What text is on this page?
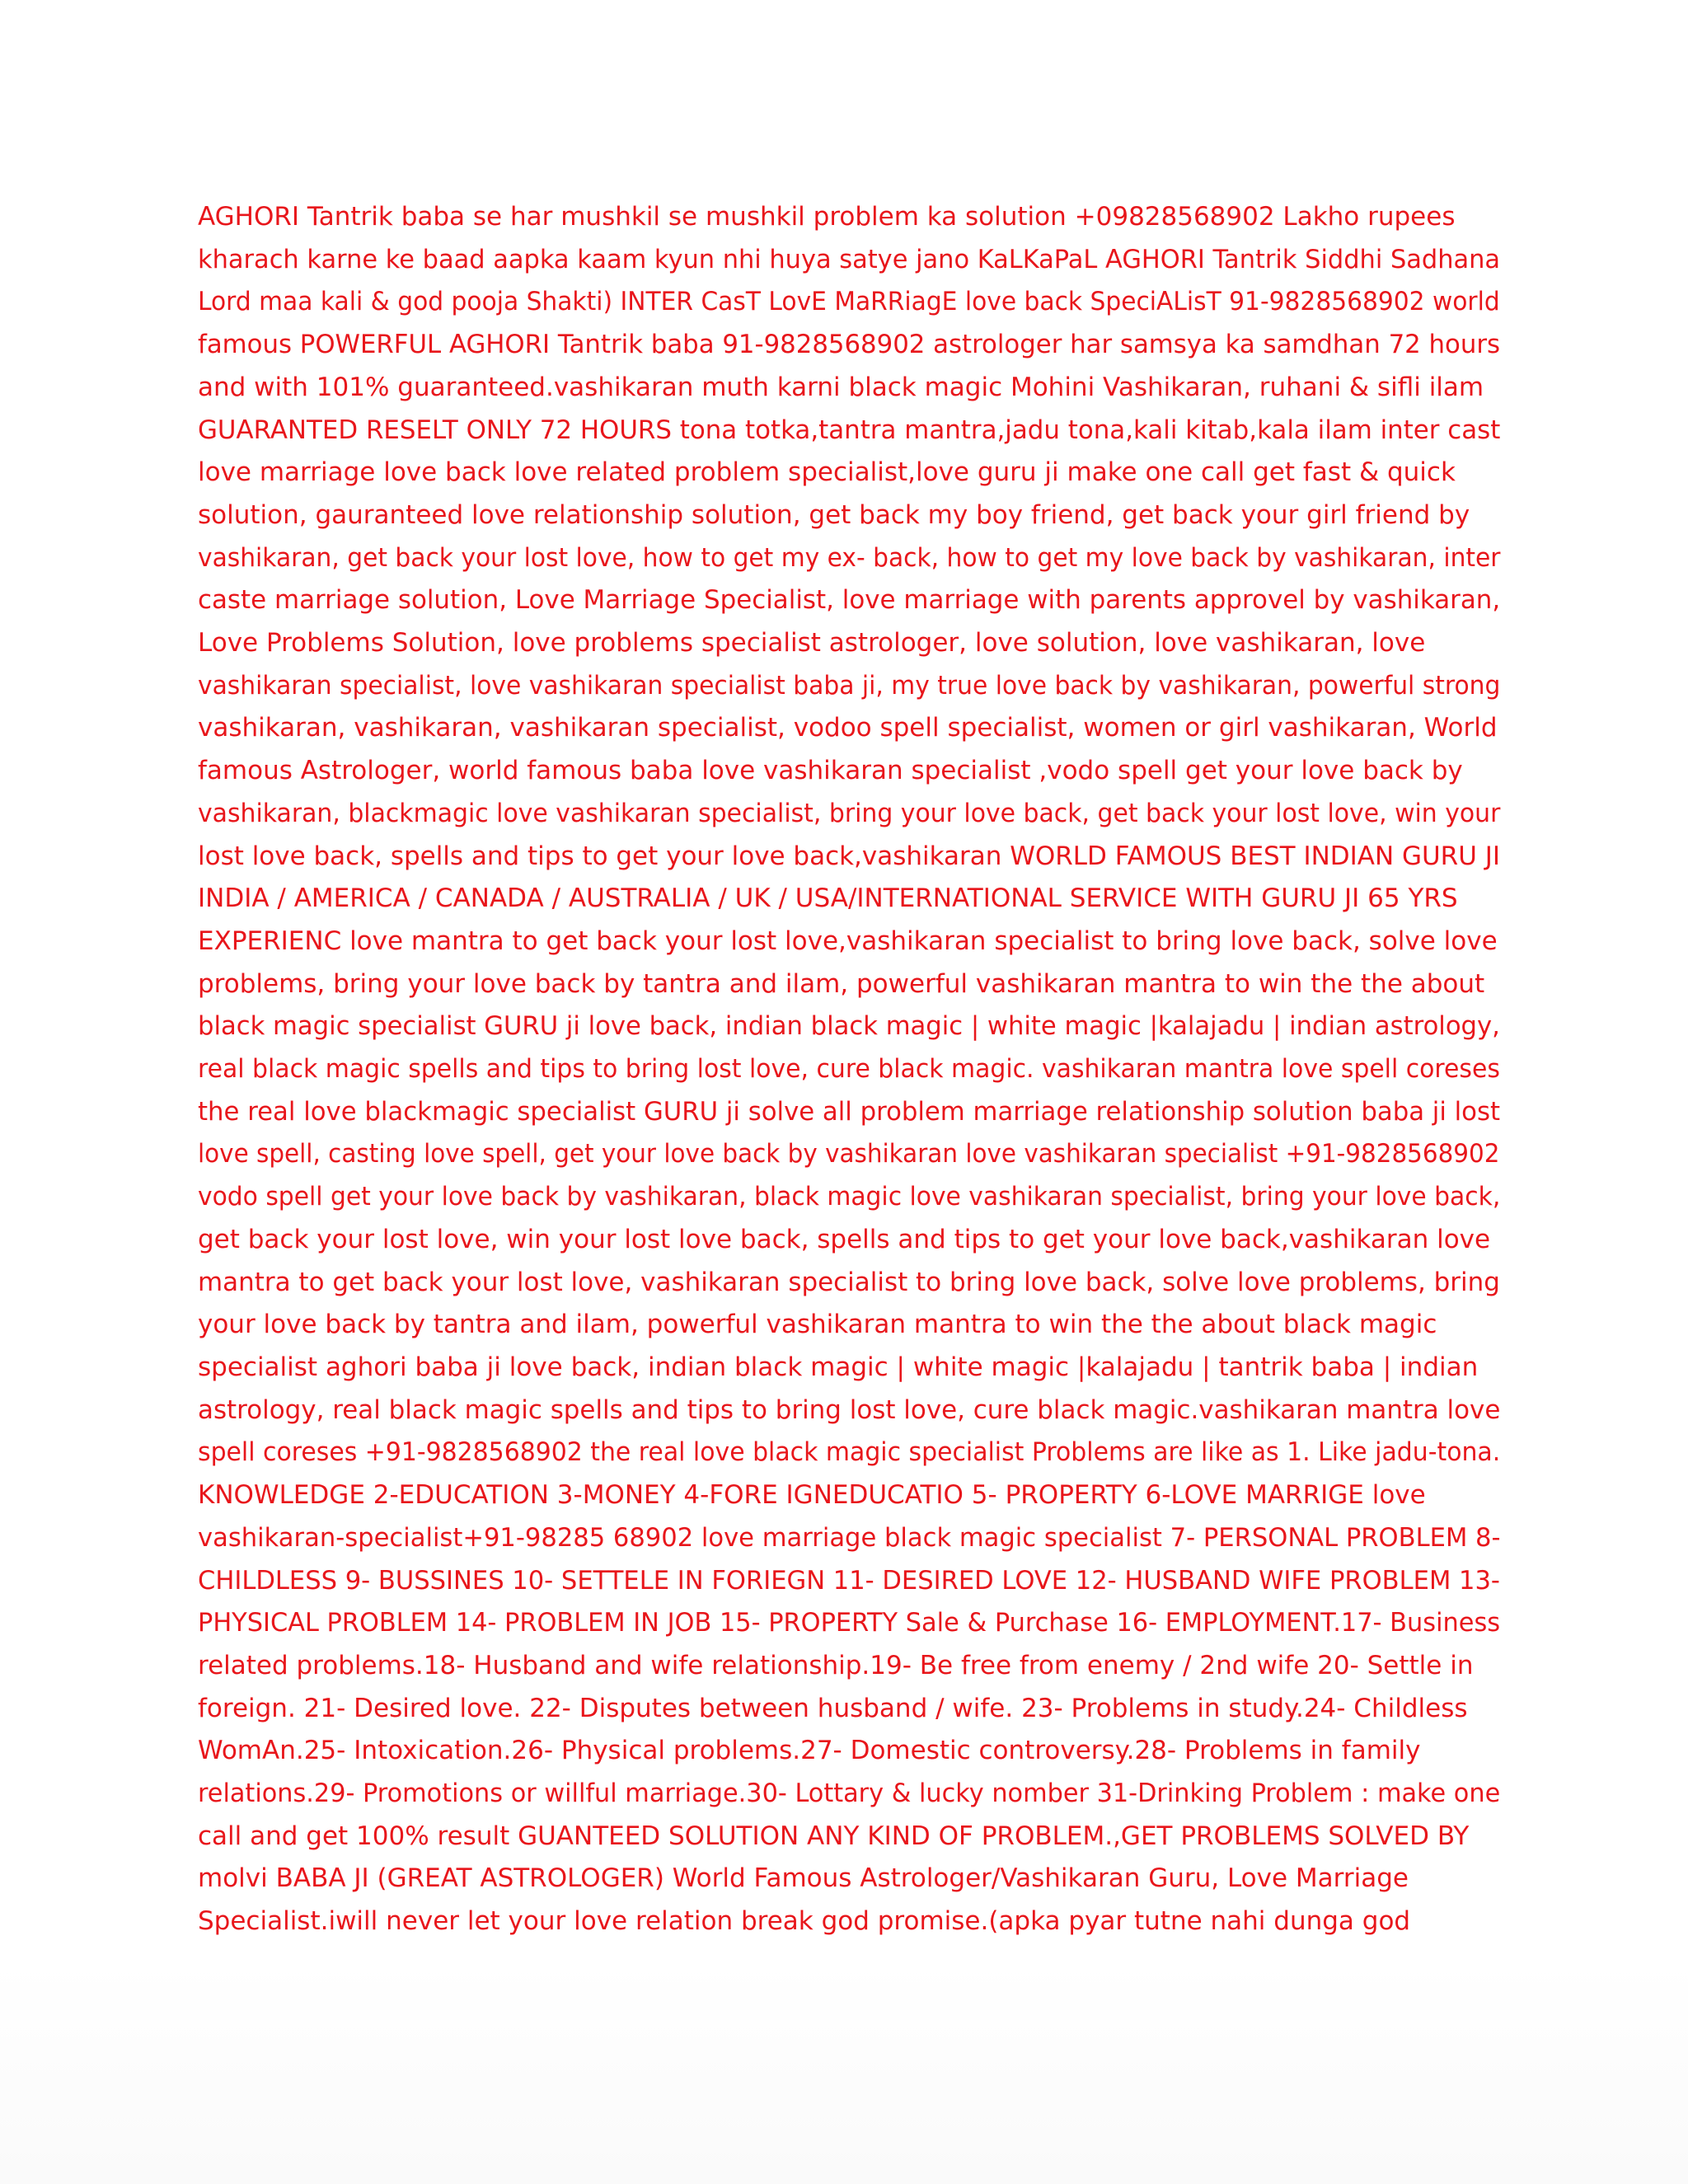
AGHORI Tantrik baba se har mushkil se mushkil problem ka solution +09828568902 Lakho rupees
kharach karne ke baad aapka kaam kyun nhi huya satye jano KaLKaPaL AGHORI Tantrik Siddhi Sadhana
Lord maa kali & god pooja Shakti) INTER CasT LovE MaRRiagE love back SpeciALisT 91-9828568902 world
famous POWERFUL AGHORI Tantrik baba 91-9828568902 astrologer har samsya ka samdhan 72 hours
and with 101% guaranteed.vashikaran muth karni black magic Mohini Vashikaran, ruhani & sifli ilam
GUARANTED RESELT ONLY 72 HOURS tona totka,tantra mantra,jadu tona,kali kitab,kala ilam inter cast
love marriage love back love related problem specialist,love guru ji make one call get fast & quick
solution, gauranteed love relationship solution, get back my boy friend, get back your girl friend by
vashikaran, get back your lost love, how to get my ex- back, how to get my love back by vashikaran, inter
caste marriage solution, Love Marriage Specialist, love marriage with parents approvel by vashikaran,
Love Problems Solution, love problems specialist astrologer, love solution, love vashikaran, love
vashikaran specialist, love vashikaran specialist baba ji, my true love back by vashikaran, powerful strong
vashikaran, vashikaran, vashikaran specialist, vodoo spell specialist, women or girl vashikaran, World
famous Astrologer, world famous baba love vashikaran specialist ,vodo spell get your love back by
vashikaran, blackmagic love vashikaran specialist, bring your love back, get back your lost love, win your
lost love back, spells and tips to get your love back,vashikaran WORLD FAMOUS BEST INDIAN GURU JI
INDIA / AMERICA / CANADA / AUSTRALIA / UK / USA/INTERNATIONAL SERVICE WITH GURU JI 65 YRS
EXPERIENC love mantra to get back your lost love,vashikaran specialist to bring love back, solve love
problems, bring your love back by tantra and ilam, powerful vashikaran mantra to win the the about
black magic specialist GURU ji love back, indian black magic | white magic |kalajadu | indian astrology,
real black magic spells and tips to bring lost love, cure black magic. vashikaran mantra love spell coreses
the real love blackmagic specialist GURU ji solve all problem marriage relationship solution baba ji lost
love spell, casting love spell, get your love back by vashikaran love vashikaran specialist +91-9828568902
vodo spell get your love back by vashikaran, black magic love vashikaran specialist, bring your love back,
get back your lost love, win your lost love back, spells and tips to get your love back,vashikaran love
mantra to get back your lost love, vashikaran specialist to bring love back, solve love problems, bring
your love back by tantra and ilam, powerful vashikaran mantra to win the the about black magic
specialist aghori baba ji love back, indian black magic | white magic |kalajadu | tantrik baba | indian
astrology, real black magic spells and tips to bring lost love, cure black magic.vashikaran mantra love
spell coreses +91-9828568902 the real love black magic specialist Problems are like as 1. Like jadu-tona.
KNOWLEDGE 2-EDUCATION 3-MONEY 4-FORE IGNEDUCATIO 5- PROPERTY 6-LOVE MARRIGE love
vashikaran-specialist+91-98285 68902 love marriage black magic specialist 7- PERSONAL PROBLEM 8-
CHILDLESS 9- BUSSINES 10- SETTELE IN FORIEGN 11- DESIRED LOVE 12- HUSBAND WIFE PROBLEM 13-
PHYSICAL PROBLEM 14- PROBLEM IN JOB 15- PROPERTY Sale & Purchase 16- EMPLOYMENT.17- Business
related problems.18- Husband and wife relationship.19- Be free from enemy / 2nd wife 20- Settle in
foreign. 21- Desired love. 22- Disputes between husband / wife. 23- Problems in study.24- Childless
WomAn.25- Intoxication.26- Physical problems.27- Domestic controversy.28- Problems in family
relations.29- Promotions or willful marriage.30- Lottary & lucky nomber 31-Drinking Problem : make one
call and get 100% result GUANTEED SOLUTION ANY KIND OF PROBLEM.,GET PROBLEMS SOLVED BY
molvi BABA JI (GREAT ASTROLOGER) World Famous Astrologer/Vashikaran Guru, Love Marriage
Specialist.iwill never let your love relation break god promise.(apka pyar tutne nahi dunga god
